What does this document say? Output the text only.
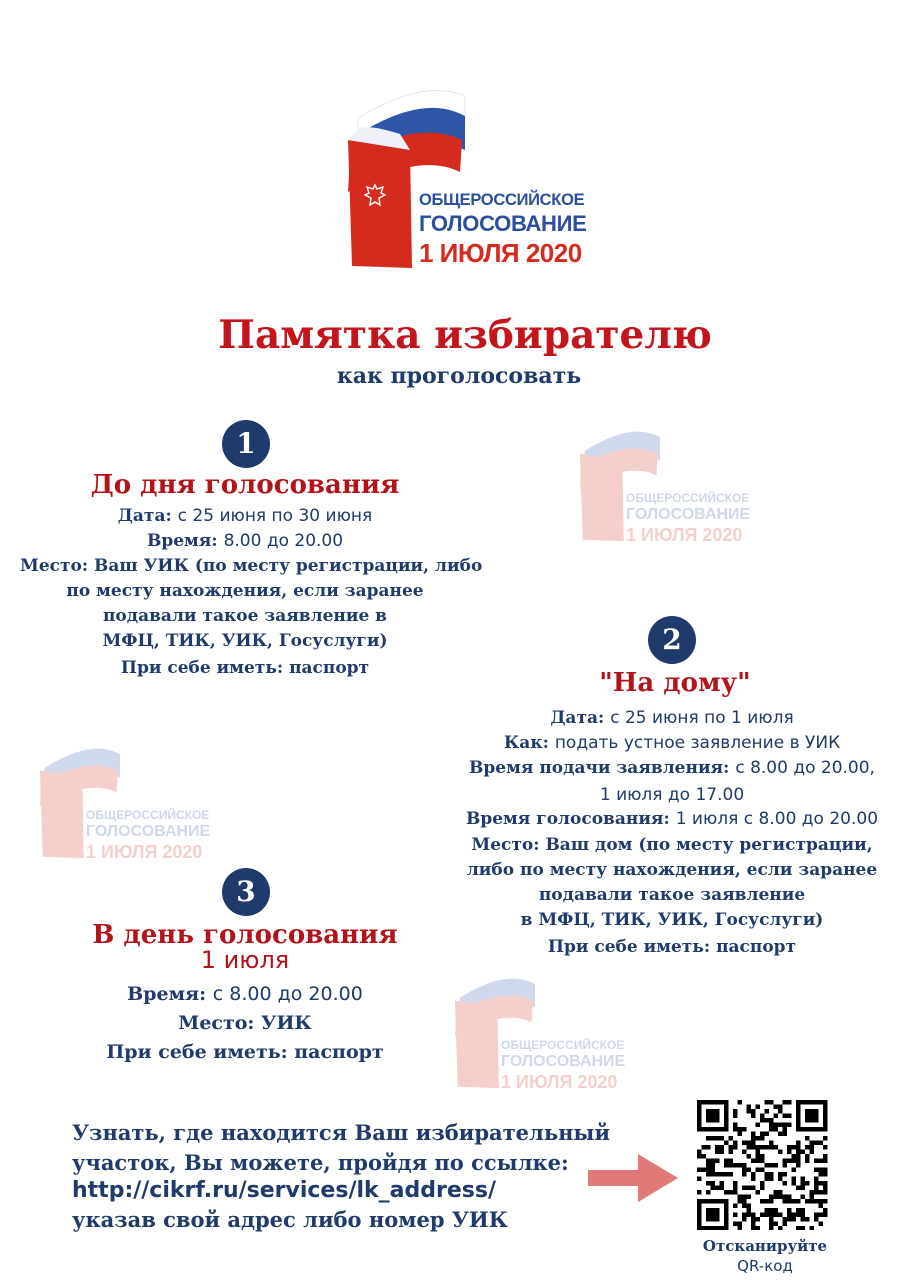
ОБЩЕРОССИЙСКОЕ
ГОЛОСОВАНИЕ
1 ИЮЛЯ 2020
ОБЩЕРОССИЙСКОЕ
ГОЛОСОВАНИЕ
1 ИЮЛЯ 2020
ОБЩЕРОССИЙСКОЕ
ГОЛОСОВАНИЕ
1 ИЮЛЯ 2020
ОБЩЕРОССИЙСКОЕ
ГОЛОСОВАНИЕ
1 ИЮЛЯ 2020
Памятка избирателю
как проголосовать
1
До дня голосования
Дата: с 25 июня по 30 июня
Время: 8.00 до 20.00
Место: Ваш УИК (по месту регистрации, либо
по месту нахождения, если заранее
подавали такое заявление в
МФЦ, ТИК, УИК, Госуслуги)
При себе иметь: паспорт
2
"На дому"
Дата: с 25 июня по 1 июля
Как: подать устное заявление в УИК
Время подачи заявления: с 8.00 до 20.00,
1 июля до 17.00
Время голосования: 1 июля с 8.00 до 20.00
Место: Ваш дом (по месту регистрации,
либо по месту нахождения, если заранее
подавали такое заявление
в МФЦ, ТИК, УИК, Госуслуги)
При себе иметь: паспорт
3
В день голосования
1 июля
Время: с 8.00 до 20.00
Место: УИК
При себе иметь: паспорт
Узнать, где находится Ваш избирательный
участок, Вы можете, пройдя по ссылке:
http://cikrf.ru/services/lk_address/
указав свой адрес либо номер УИК
Отсканируйте
QR-код
